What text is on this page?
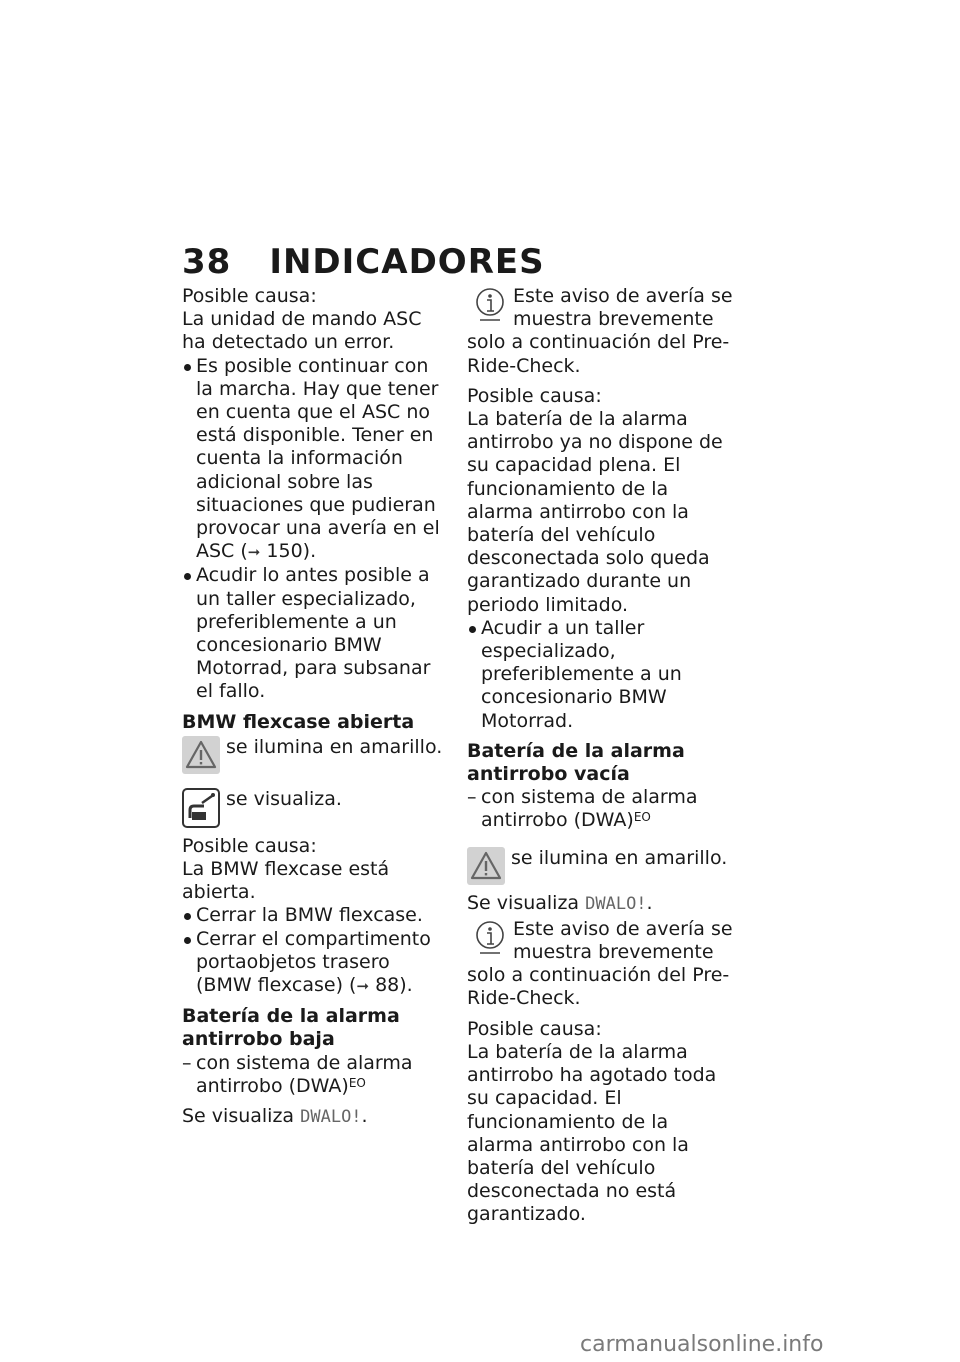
38 INDICADORES

Posible causa:

La unidad de mando ASC ha detectado un error.

Es posible continuar con la marcha. Hay que tener en cuenta que el ASC no está disponible. Tener en cuenta la información adicional sobre las situaciones que pudieran provocar una avería en el ASC (➞ 150).

Acudir lo antes posible a un taller especializado, preferiblemente a un concesionario BMW Motorrad, para subsanar el fallo.

BMW flexcase abierta

se ilumina en amarillo.
se visualiza.

Posible causa:

La BMW flexcase está abierta.

Cerrar la BMW flexcase.

Cerrar el compartimento portaobjetos trasero (BMW flexcase) (➞ 88).

Batería de la alarma antirrobo baja

– con sistema de alarma antirrobo (DWA)$^{EO}$

Se visualiza DWALO!.

Este aviso de avería se muestra brevemente solo a continuación del Pre-Ride-Check.

Posible causa:

La batería de la alarma antirrobo ya no dispone de su capacidad plena. El funcionamiento de la alarma antirrobo con la batería del vehículo desconectada solo queda garantizado durante un periodo limitado.

Acudir a un taller especializado, preferiblemente a un concesionario BMW Motorrad.

Batería de la alarma antirrobo vacía

– con sistema de alarma antirrobo (DWA)$^{EO}$

se ilumina en amarillo.

Se visualiza DWALO!.

Este aviso de avería se muestra brevemente solo a continuación del Pre-Ride-Check.

Posible causa:

La batería de la alarma antirrobo ha agotado toda su capacidad. El funcionamiento de la alarma antirrobo con la batería del vehículo desconectada no está garantizado.

carmanualsonline.info
